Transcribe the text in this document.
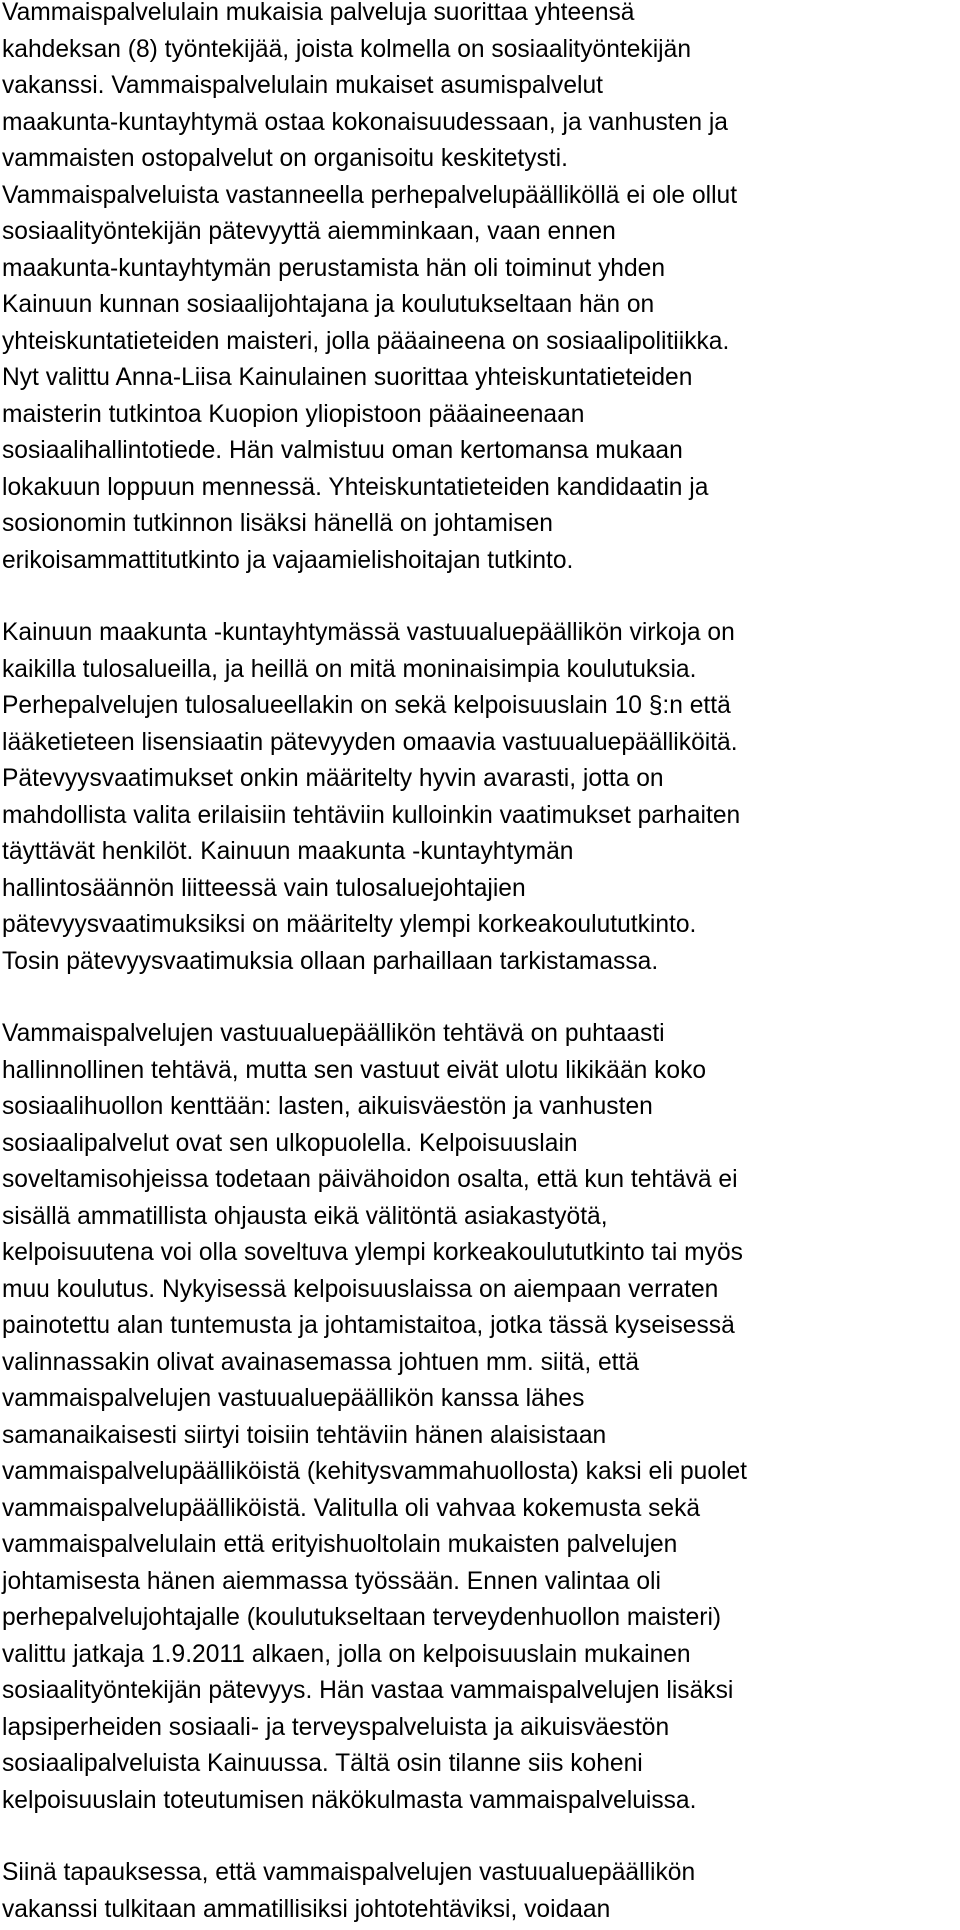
Vammaispalvelulain mukaisia palveluja suorittaa yhteensä
kahdeksan (8) työntekijää, joista kolmella on sosiaalityöntekijän
vakanssi. Vammaispalvelulain mukaiset asumispalvelut
maakunta-kuntayhtymä ostaa kokonaisuudessaan, ja vanhusten ja
vammaisten ostopalvelut on organisoitu keskitetysti.
Vammaispalveluista vastanneella perhepalvelupäälliköllä ei ole ollut
sosiaalityöntekijän pätevyyttä aiemminkaan, vaan ennen
maakunta-kuntayhtymän perustamista hän oli toiminut yhden
Kainuun kunnan sosiaalijohtajana ja koulutukseltaan hän on
yhteiskuntatieteiden maisteri, jolla pääaineena on sosiaalipolitiikka.
Nyt valittu Anna-Liisa Kainulainen suorittaa yhteiskuntatieteiden
maisterin tutkintoa Kuopion yliopistoon pääaineenaan
sosiaalihallintotiede. Hän valmistuu oman kertomansa mukaan
lokakuun loppuun mennessä. Yhteiskuntatieteiden kandidaatin ja
sosionomin tutkinnon lisäksi hänellä on johtamisen
erikoisammattitutkinto ja vajaamielishoitajan tutkinto.

Kainuun maakunta -kuntayhtymässä vastuualuepäällikön virkoja on
kaikilla tulosalueilla, ja heillä on mitä moninaisimpia koulutuksia.
Perhepalvelujen tulosalueellakin on sekä kelpoisuuslain 10 §:n että
lääketieteen lisensiaatin pätevyyden omaavia vastuualuepäälliköitä.
Pätevyysvaatimukset onkin määritelty hyvin avarasti, jotta on
mahdollista valita erilaisiin tehtäviin kulloinkin vaatimukset parhaiten
täyttävät henkilöt. Kainuun maakunta -kuntayhtymän
hallintosäännön liitteessä vain tulosaluejohtajien
pätevyysvaatimuksiksi on määritelty ylempi korkeakoulututkinto.
Tosin pätevyysvaatimuksia ollaan parhaillaan tarkistamassa.

Vammaispalvelujen vastuualuepäällikön tehtävä on puhtaasti
hallinnollinen tehtävä, mutta sen vastuut eivät ulotu likikään koko
sosiaalihuollon kenttään: lasten, aikuisväestön ja vanhusten
sosiaalipalvelut ovat sen ulkopuolella. Kelpoisuuslain
soveltamisohjeissa todetaan päivähoidon osalta, että kun tehtävä ei
sisällä ammatillista ohjausta eikä välitöntä asiakastyötä,
kelpoisuutena voi olla soveltuva ylempi korkeakoulututkinto tai myös
muu koulutus. Nykyisessä kelpoisuuslaissa on aiempaan verraten
painotettu alan tuntemusta ja johtamistaitoa, jotka tässä kyseisessä
valinnassakin olivat avainasemassa johtuen mm. siitä, että
vammaispalvelujen vastuualuepäällikön kanssa lähes
samanaikaisesti siirtyi toisiin tehtäviin hänen alaisistaan
vammaispalvelupäälliköistä (kehitysvammahuollosta) kaksi eli puolet
vammaispalvelupäälliköistä. Valitulla oli vahvaa kokemusta sekä
vammaispalvelulain että erityishuoltolain mukaisten palvelujen
johtamisesta hänen aiemmassa työssään. Ennen valintaa oli
perhepalvelujohtajalle (koulutukseltaan terveydenhuollon maisteri)
valittu jatkaja 1.9.2011 alkaen, jolla on kelpoisuuslain mukainen
sosiaalityöntekijän pätevyys. Hän vastaa vammaispalvelujen lisäksi
lapsiperheiden sosiaali- ja terveyspalveluista ja aikuisväestön
sosiaalipalveluista Kainuussa. Tältä osin tilanne siis koheni
kelpoisuuslain toteutumisen näkökulmasta vammaispalveluissa.

Siinä tapauksessa, että vammaispalvelujen vastuualuepäällikön
vakanssi tulkitaan ammatillisiksi johtotehtäviksi, voidaan
